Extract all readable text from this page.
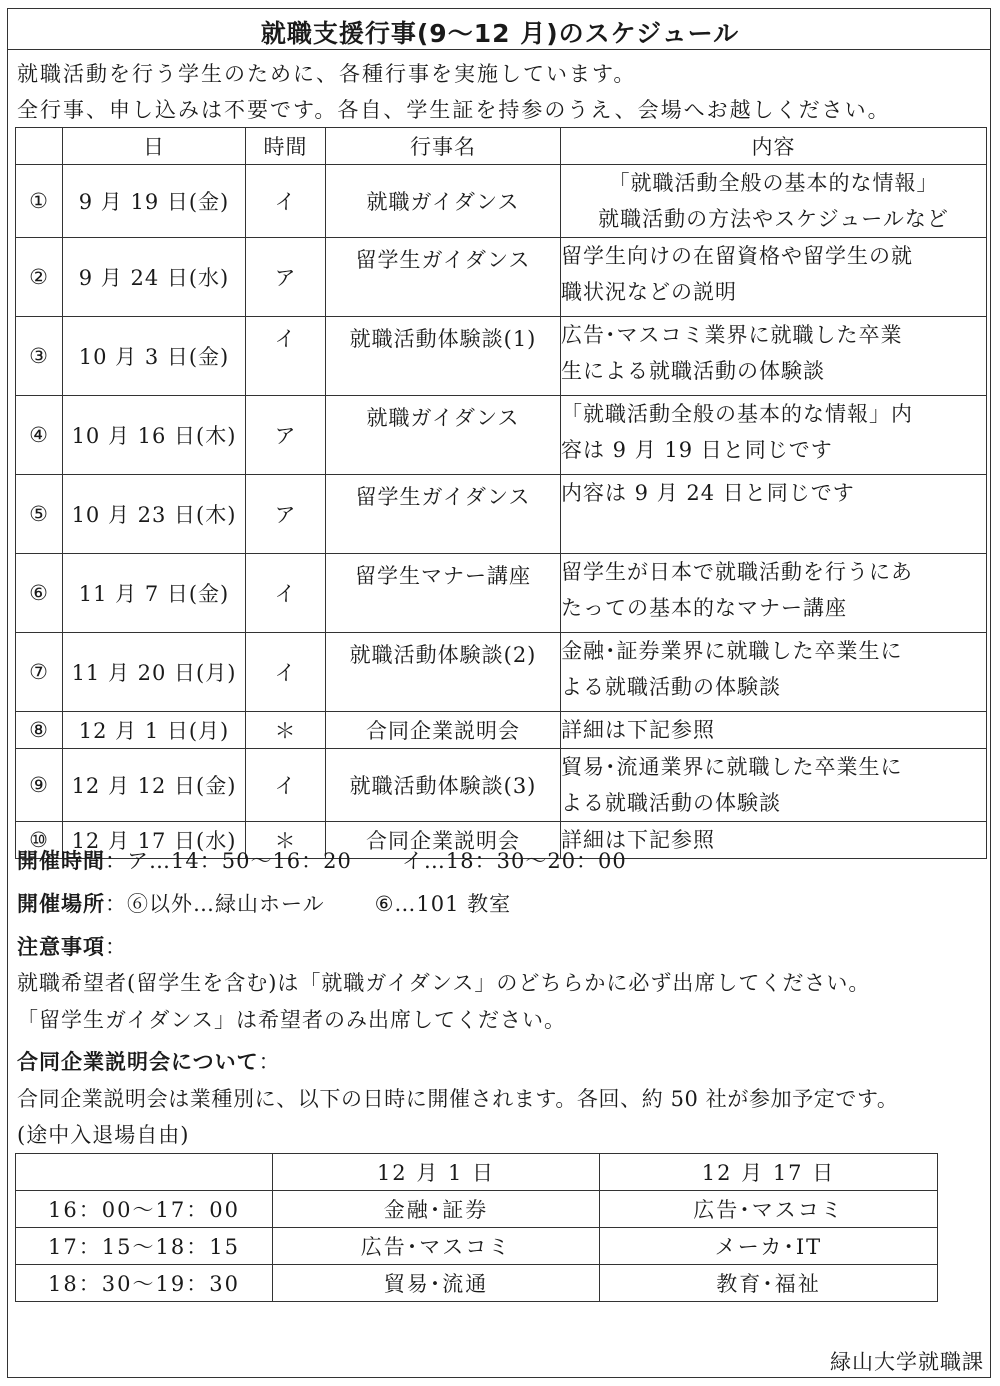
就職支援行事(9〜12 月)のスケジュール
就職活動を行う学生のために、各種行事を実施しています。
全行事、申し込みは不要です。各自、学生証を持参のうえ、会場へお越しください。
	日	時間	行事名	内容
①	9 月 19 日(金)	イ	就職ガイダンス	「就職活動全般の基本的な情報」
就職活動の方法やスケジュールなど

②	9 月 24 日(水)	ア	留学生ガイダンス	留学生向けの在留資格や留学生の就
職状況などの説明

③	10 月 3 日(金)	イ	就職活動体験談(1)	広告･マスコミ業界に就職した卒業
生による就職活動の体験談

④	10 月 16 日(木)	ア	就職ガイダンス	「就職活動全般の基本的な情報」内
容は 9 月 19 日と同じです

⑤	10 月 23 日(木)	ア	留学生ガイダンス	内容は 9 月 24 日と同じです

⑥	11 月 7 日(金)	イ	留学生マナー講座	留学生が日本で就職活動を行うにあ
たっての基本的なマナー講座

⑦	11 月 20 日(月)	イ	就職活動体験談(2)	金融･証券業界に就職した卒業生に
よる就職活動の体験談

⑧	12 月 1 日(月)	＊	合同企業説明会	詳細は下記参照
⑨	12 月 12 日(金)	イ	就職活動体験談(3)	貿易･流通業界に就職した卒業生に
よる就職活動の体験談

⑩	12 月 17 日(水)	＊	合同企業説明会	詳細は下記参照
開催時間：ア…14：50〜16：20 イ…18：30〜20：00
開催場所：⑥以外…緑山ホール ⑥…101 教室
注意事項：
就職希望者(留学生を含む)は「就職ガイダンス」のどちらかに必ず出席してください。
「留学生ガイダンス」は希望者のみ出席してください。
合同企業説明会について：
合同企業説明会は業種別に、以下の日時に開催されます。各回、約 50 社が参加予定です。
(途中入退場自由)
	12 月 1 日	12 月 17 日
16：00〜17：00	金融･証券	広告･マスコミ
17：15〜18：15	広告･マスコミ	メーカ･IT
18：30〜19：30	貿易･流通	教育･福祉
緑山大学就職課
